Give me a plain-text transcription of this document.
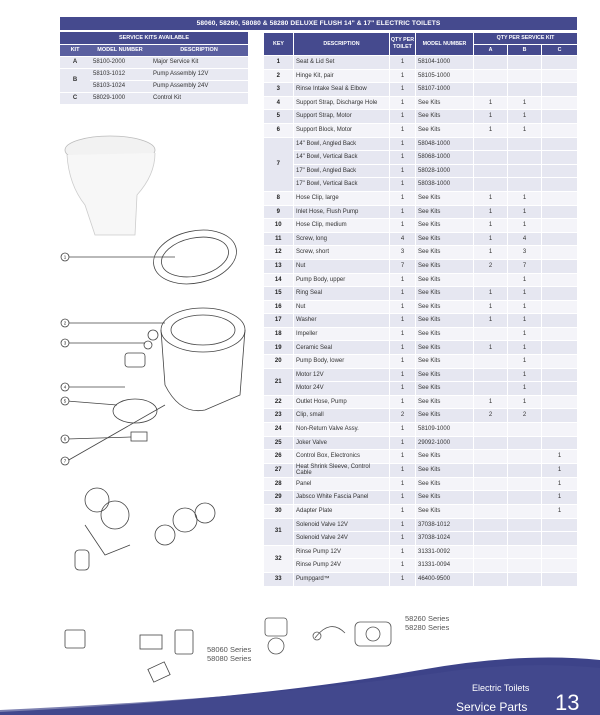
58060, 58260, 58080 & 58280 DELUXE FLUSH 14" & 17" ELECTRIC TOILETS
SERVICE KITS AVAILABLE		
KIT	MODEL NUMBER	DESCRIPTION
A	58100-2000	Major Service Kit
B	58103-1012	Pump Assembly 12V
	58103-1024	Pump Assembly 24V
C	58029-1000	Control Kit
KEY	DESCRIPTION	QTY PER TOILET	MODEL NUMBER	QTY PER SERVICE KIT		
				A	B	C
1	Seat & Lid Set	1	58104-1000			
2	Hinge Kit, pair	1	58105-1000			
3	Rinse Intake Seal & Elbow	1	58107-1000			
4	Support Strap, Discharge Hole	1	See Kits	1	1	
5	Support Strap, Motor	1	See Kits	1	1	
6	Support Block, Motor	1	See Kits	1	1	
7	14" Bowl, Angled Back	1	58048-1000			
	14" Bowl, Vertical Back	1	58068-1000			
	17" Bowl, Angled Back	1	58028-1000			
	17" Bowl, Vertical Back	1	58038-1000			
8	Hose Clip, large	1	See Kits	1	1	
9	Inlet Hose, Flush Pump	1	See Kits	1	1	
10	Hose Clip, medium	1	See Kits	1	1	
11	Screw, long	4	See Kits	1	4	
12	Screw, short	3	See Kits	1	3	
13	Nut	7	See Kits	2	7	
14	Pump Body, upper	1	See Kits		1	
15	Ring Seal	1	See Kits	1	1	
16	Nut	1	See Kits	1	1	
17	Washer	1	See Kits	1	1	
18	Impeller	1	See Kits		1	
19	Ceramic Seal	1	See Kits	1	1	
20	Pump Body, lower	1	See Kits		1	
21	Motor 12V	1	See Kits		1	
	Motor 24V	1	See Kits		1	
22	Outlet Hose, Pump	1	See Kits	1	1	
23	Clip, small	2	See Kits	2	2	
24	Non-Return Valve Assy.	1	58109-1000			
25	Joker Valve	1	29092-1000			
26	Control Box, Electronics	1	See Kits			1
27	Heat Shrink Sleeve, Control Cable	1	See Kits			1
28	Panel	1	See Kits			1
29	Jabsco White Fascia Panel	1	See Kits			1
30	Adapter Plate	1	See Kits			1
31	Solenoid Valve 12V	1	37038-1012			
	Solenoid Valve 24V	1	37038-1024			
32	Rinse Pump 12V	1	31331-0092			
	Rinse Pump 24V	1	31331-0094			
33	Pumpgard™	1	46400-9500			
1
2
3
4
5
6
7
58060 Series
58080 Series
58260 Series
58280 Series
Electric Toilets
Service Parts 13
